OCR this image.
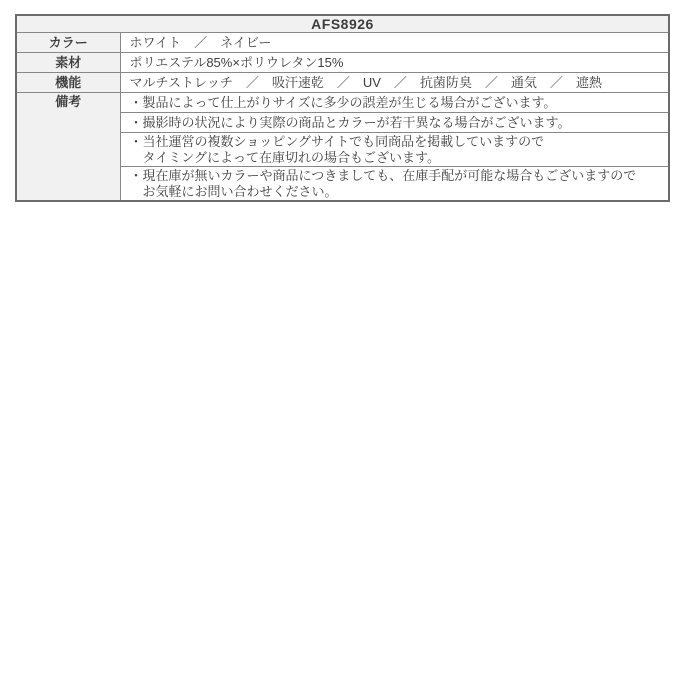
AFS8926	
カラー	ホワイト　／　ネイビー
素材	ポリエステル85%×ポリウレタン15%
機能	マルチストレッチ　／　吸汗速乾　／　UV　／　抗菌防臭　／　通気　／　遮熱
備考	・製品によって仕上がりサイズに多少の誤差が生じる場合がございます。

	・撮影時の状況により実際の商品とカラーが若干異なる場合がございます。

	・当社運営の複数ショッピングサイトでも同商品を掲載していますので
タイミングによって在庫切れの場合もございます。

	・現在庫が無いカラーや商品につきましても、在庫手配が可能な場合もございますので
お気軽にお問い合わせください。
